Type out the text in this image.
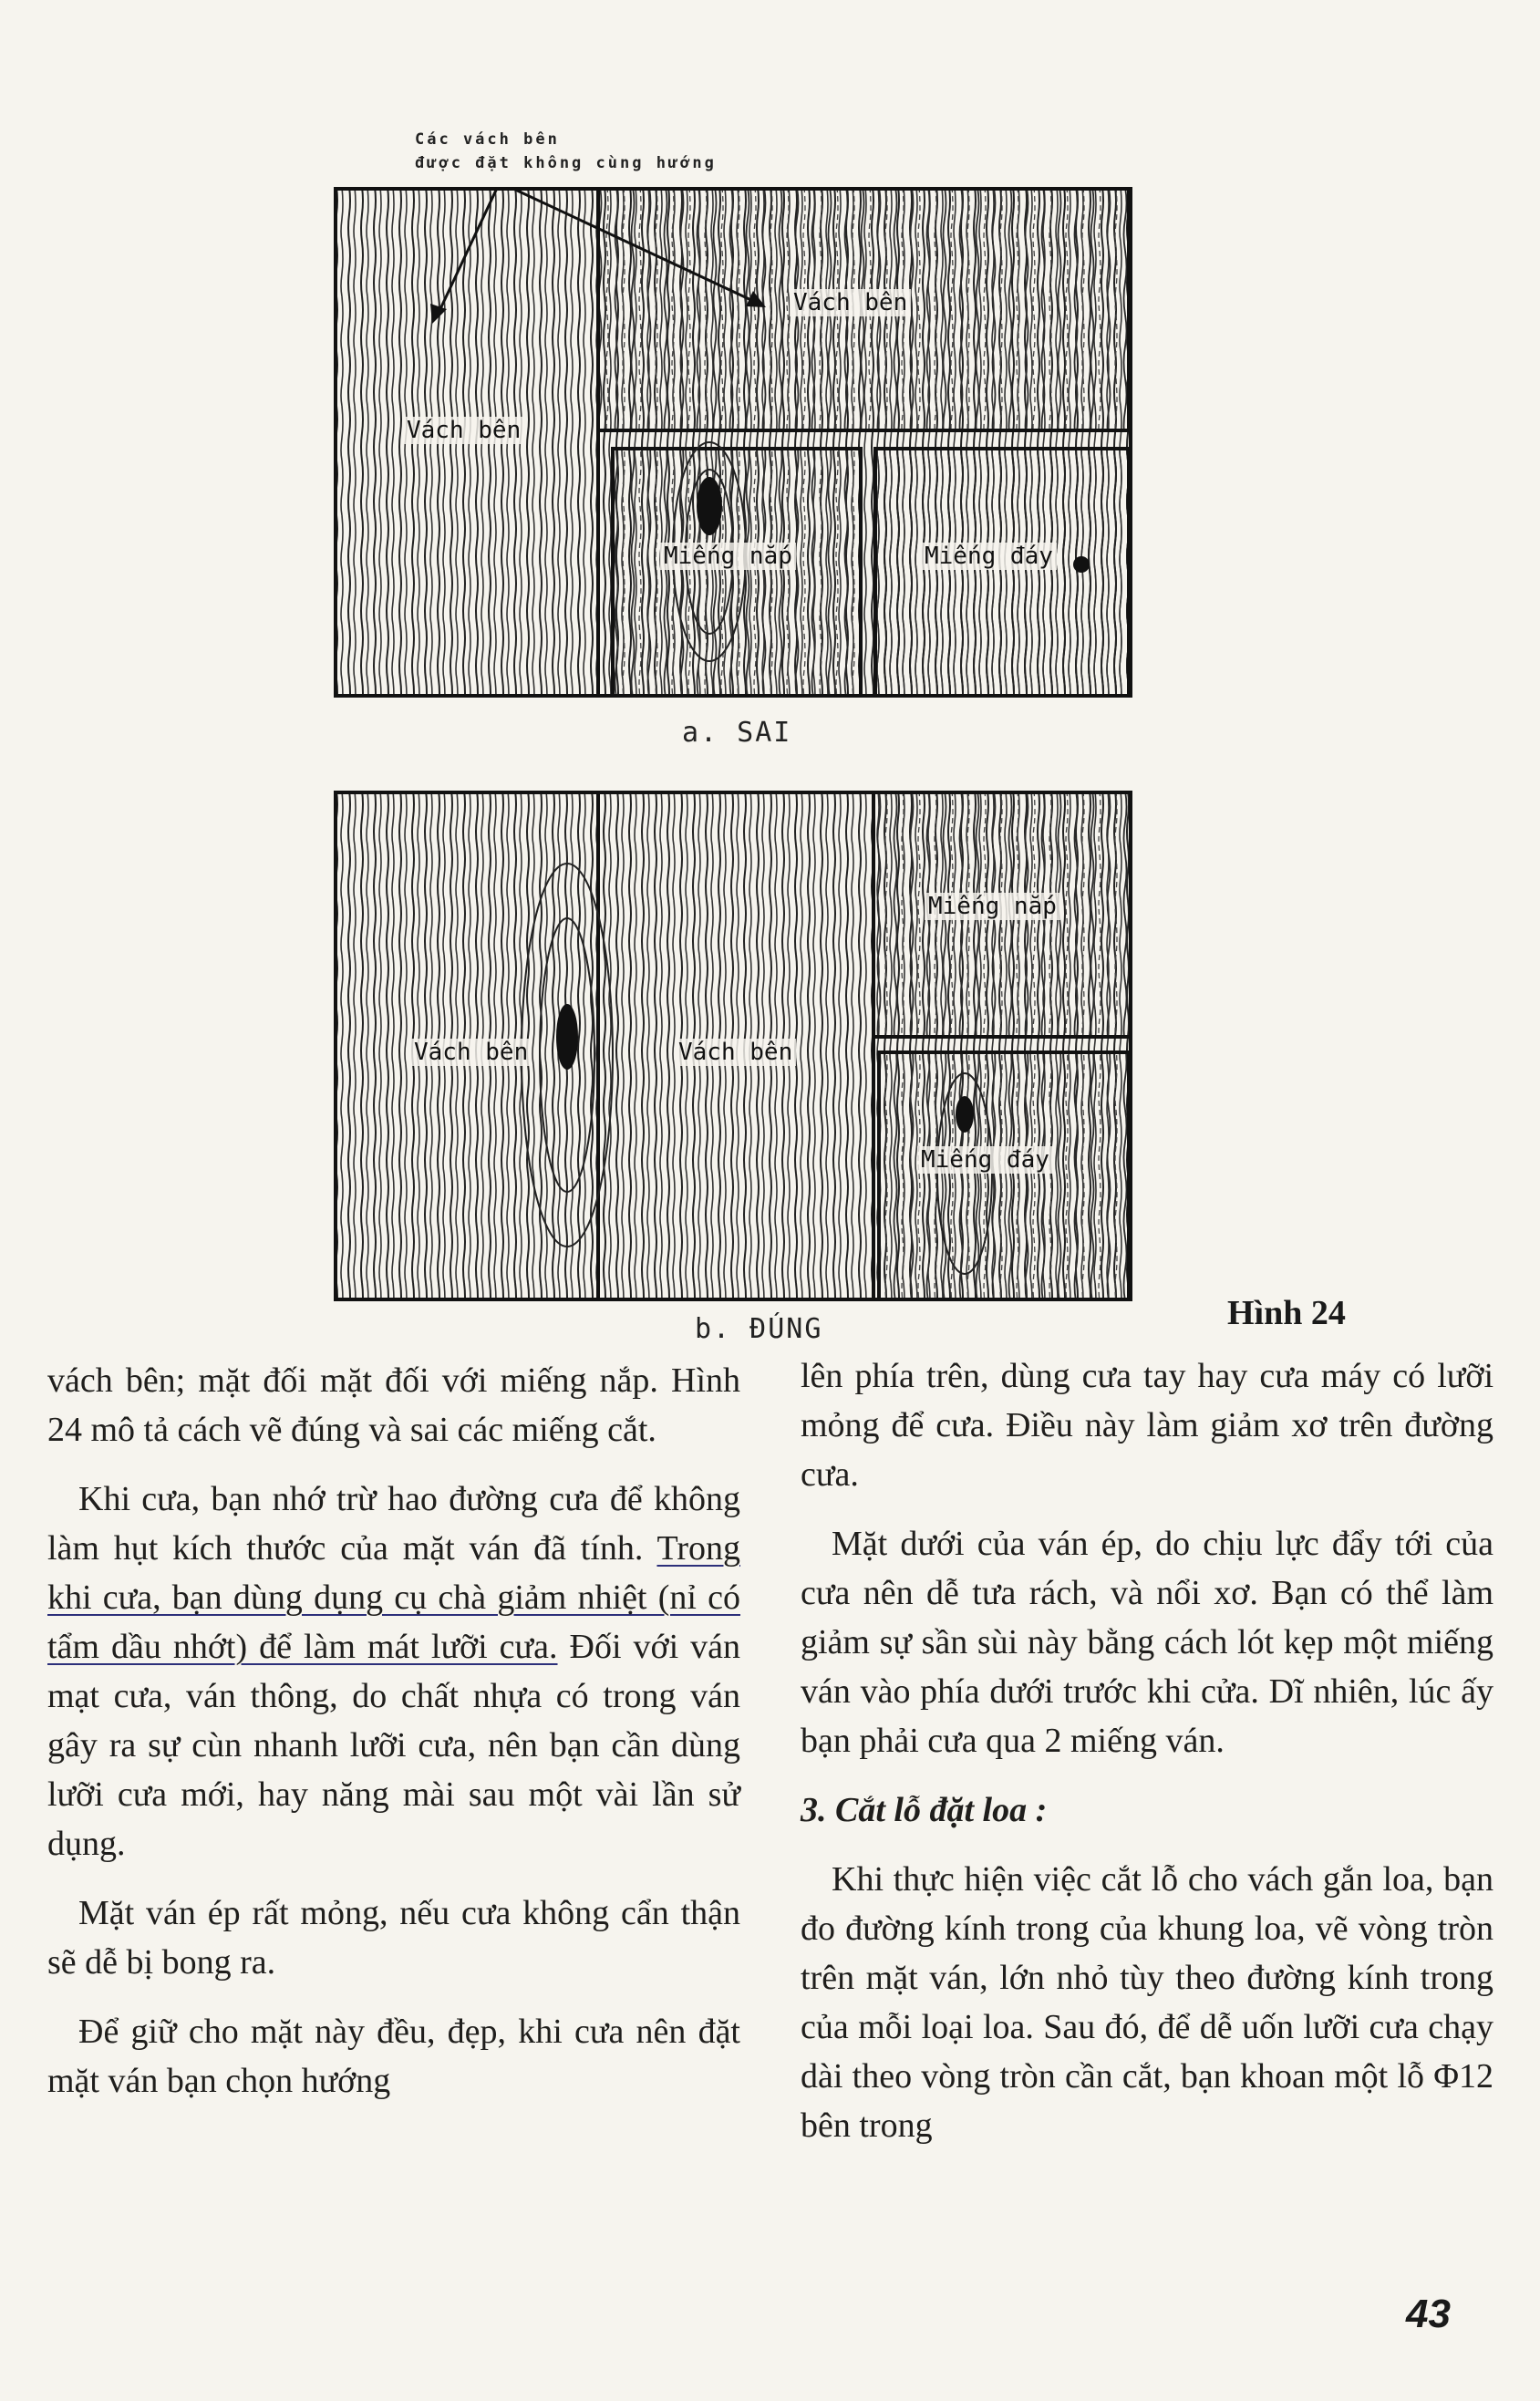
Các vách bên
được đặt không cùng hướng
Vách bên
Vách bên
Miếng nắp	Miếng đáy
a. SAI
Vách bên	Vách bên
Miếng nắp
Miếng đáy
b. ĐÚNG	Hình 24

vách bên; mặt đối mặt đối với miếng nắp. Hình 24 mô tả cách vẽ đúng và sai các miếng cắt.

Khi cưa, bạn nhớ trừ hao đường cưa để không làm hụt kích thước của mặt ván đã tính. Trong khi cưa, bạn dùng dụng cụ chà giảm nhiệt (nỉ có tẩm dầu nhớt) để làm mát lưỡi cưa. Đối với ván mạt cưa, ván thông, do chất nhựa có trong ván gây ra sự cùn nhanh lưỡi cưa, nên bạn cần dùng lưỡi cưa mới, hay năng mài sau một vài lần sử dụng.

Mặt ván ép rất mỏng, nếu cưa không cẩn thận sẽ dễ bị bong ra.

Để giữ cho mặt này đều, đẹp, khi cưa nên đặt mặt ván bạn chọn hướng

lên phía trên, dùng cưa tay hay cưa máy có lưỡi mỏng để cưa. Điều này làm giảm xơ trên đường cưa.

Mặt dưới của ván ép, do chịu lực đẩy tới của cưa nên dễ tưa rách, và nổi xơ. Bạn có thể làm giảm sự sần sùi này bằng cách lót kẹp một miếng ván vào phía dưới trước khi cửa. Dĩ nhiên, lúc ấy bạn phải cưa qua 2 miếng ván.

3. Cắt lỗ đặt loa :

Khi thực hiện việc cắt lỗ cho vách gắn loa, bạn đo đường kính trong của khung loa, vẽ vòng tròn trên mặt ván, lớn nhỏ tùy theo đường kính trong của mỗi loại loa. Sau đó, để dễ uốn lưỡi cưa chạy dài theo vòng tròn cần cắt, bạn khoan một lỗ Φ12 bên trong

43
